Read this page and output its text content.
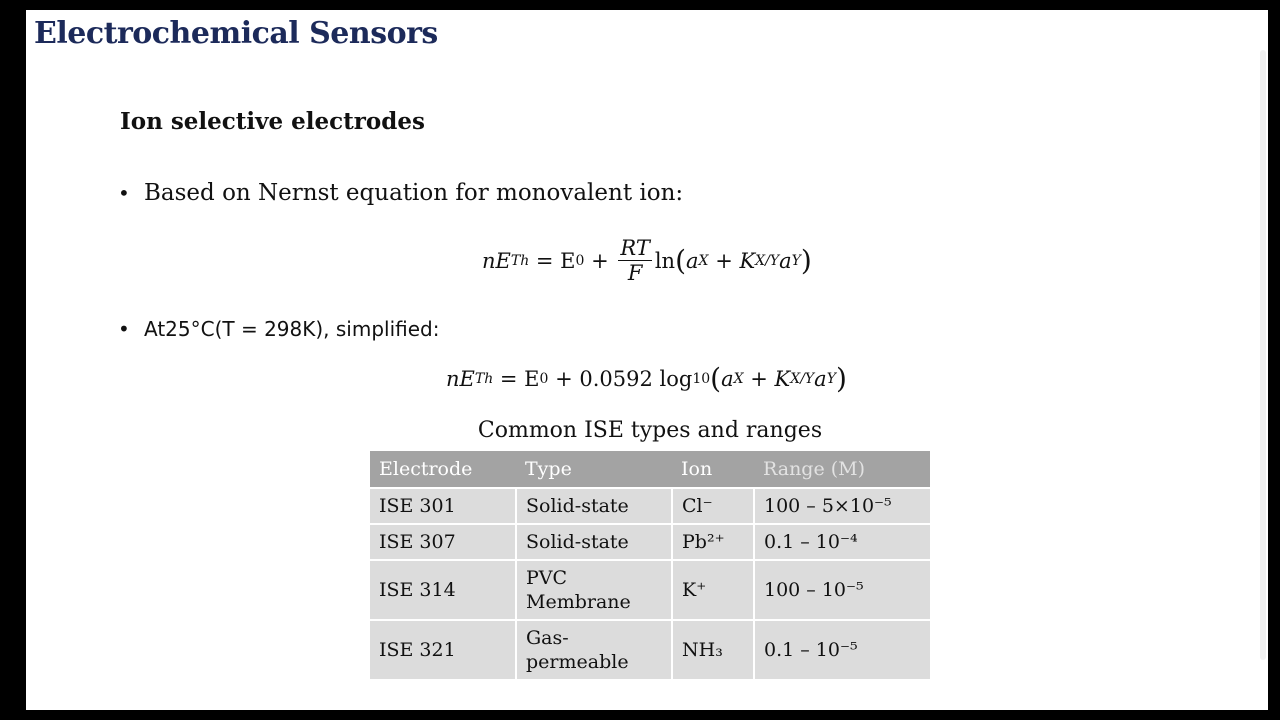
Electrochemical Sensors
Ion selective electrodes
• Based on Nernst equation for monovalent ion:
nE Th = E $0 + \frac{RT}{F}$ ln ( a X + K X/Y a Y )
• At25°C(T = 298K), simplified:
nE Th = E 0 + 0.0592 log 10 ( a X + K X/Y a Y )
Common ISE types and ranges
Electrode	Type	Ion	Range (M)
ISE 301	Solid-state	Cl⁻	100 – 5×10⁻⁵
ISE 307	Solid-state	Pb²⁺	0.1 – 10⁻⁴
ISE 314	PVC Membrane	K⁺	100 – 10⁻⁵
ISE 321	Gas-permeable	NH₃	0.1 – 10⁻⁵
